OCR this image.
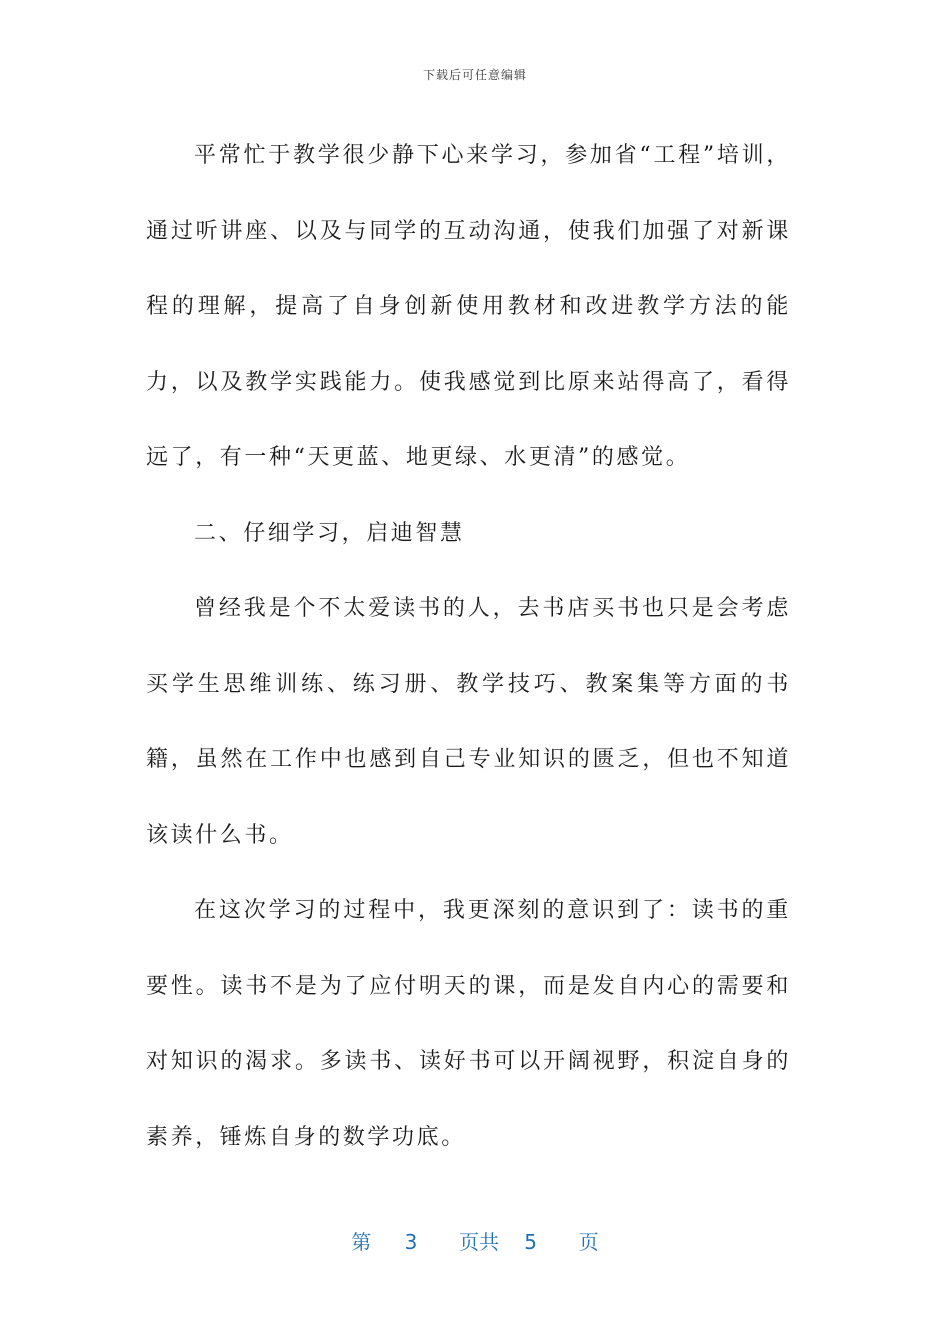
下载后可任意编辑

平常忙于教学很少静下心来学习，参加省“工程”培训，通过听讲座、以及与同学的互动沟通，使我们加强了对新课程的理解，提高了自身创新使用教材和改进教学方法的能力，以及教学实践能力。使我感觉到比原来站得高了，看得远了，有一种“天更蓝、地更绿、水更清”的感觉。

二、仔细学习，启迪智慧

曾经我是个不太爱读书的人，去书店买书也只是会考虑买学生思维训练、练习册、教学技巧、教案集等方面的书籍，虽然在工作中也感到自己专业知识的匮乏，但也不知道该读什么书。

在这次学习的过程中，我更深刻的意识到了：读书的重要性。读书不是为了应付明天的课，而是发自内心的需要和对知识的渴求。多读书、读好书可以开阔视野，积淀自身的素养，锤炼自身的数学功底。

第 3 页共 5 页
